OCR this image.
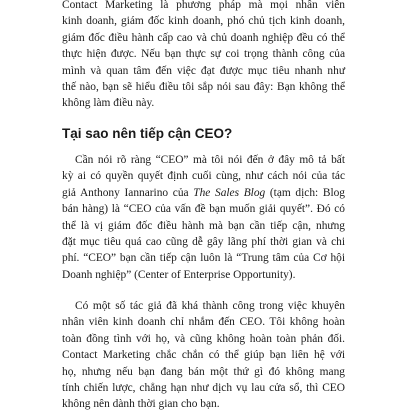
Contact Marketing là phương pháp mà mọi nhân viên
kinh doanh, giám đốc kinh doanh, phó chủ tịch kinh doanh,
giám đốc điều hành cấp cao và chủ doanh nghiệp đều có thể
thực hiện được. Nếu bạn thực sự coi trọng thành công của
mình và quan tâm đến việc đạt được mục tiêu nhanh như
thế nào, bạn sẽ hiểu điều tôi sắp nói sau đây: Bạn không thể
không làm điều này.
Tại sao nên tiếp cận CEO?
Cần nói rõ ràng “CEO” mà tôi nói đến ở đây mô tả bất
kỳ ai có quyền quyết định cuối cùng, như cách nói của tác
giả Anthony Iannarino của The Sales Blog (tạm dịch: Blog
bán hàng) là “CEO của vấn đề bạn muốn giải quyết”. Đó có
thể là vị giám đốc điều hành mà bạn cần tiếp cận, nhưng
đặt mục tiêu quá cao cũng dễ gây lãng phí thời gian và chi
phí. “CEO” bạn cần tiếp cận luôn là “Trung tâm của Cơ hội
Doanh nghiệp” (Center of Enterprise Opportunity).
Có một số tác giả đã khá thành công trong việc khuyên
nhân viên kinh doanh chỉ nhắm đến CEO. Tôi không hoàn
toàn đồng tình với họ, và cũng không hoàn toàn phản đối.
Contact Marketing chắc chắn có thể giúp bạn liên hệ với
họ, nhưng nếu bạn đang bán một thứ gì đó không mang
tính chiến lược, chẳng hạn như dịch vụ lau cửa sổ, thì CEO
không nên dành thời gian cho bạn.
